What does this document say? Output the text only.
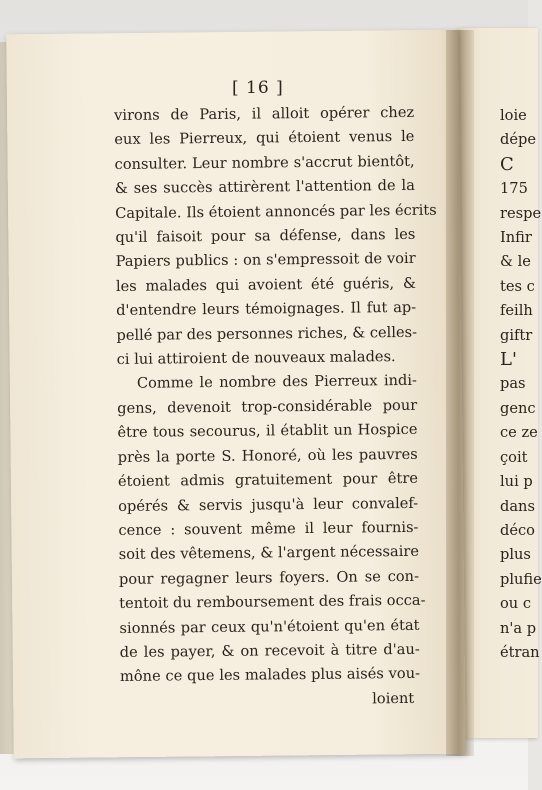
[ 16 ]
virons de Paris, il alloit opérer chez
eux les Pierreux, qui étoient venus le
consulter. Leur nombre s'accrut bientôt,
& ses succès attirèrent l'attention de la
Capitale. Ils étoient annoncés par les écrits
qu'il faisoit pour sa défense, dans les
Papiers publics : on s'empressoit de voir
les malades qui avoient été guéris, &
d'entendre leurs témoignages. Il fut ap-
pellé par des personnes riches, & celles-
ci lui attiroient de nouveaux malades.
Comme le nombre des Pierreux indi-
gens, devenoit trop-considérable pour
être tous secourus, il établit un Hospice
près la porte S. Honoré, où les pauvres
étoient admis gratuitement pour être
opérés & servis jusqu'à leur convalef-
cence : souvent même il leur fournis-
soit des vêtemens, & l'argent nécessaire
pour regagner leurs foyers. On se con-
tentoit du remboursement des frais occa-
sionnés par ceux qu'n'étoient qu'en état
de les payer, & on recevoit à titre d'au-
mône ce que les malades plus aisés vou-
loient
loie
dépe
C
175
respe
Infir
& le
tes c
feilh
giftr
L'
pas
genc
ce ze
çoit
lui p
dans
déco
plus
plufie
ou c
n'a p
étran
